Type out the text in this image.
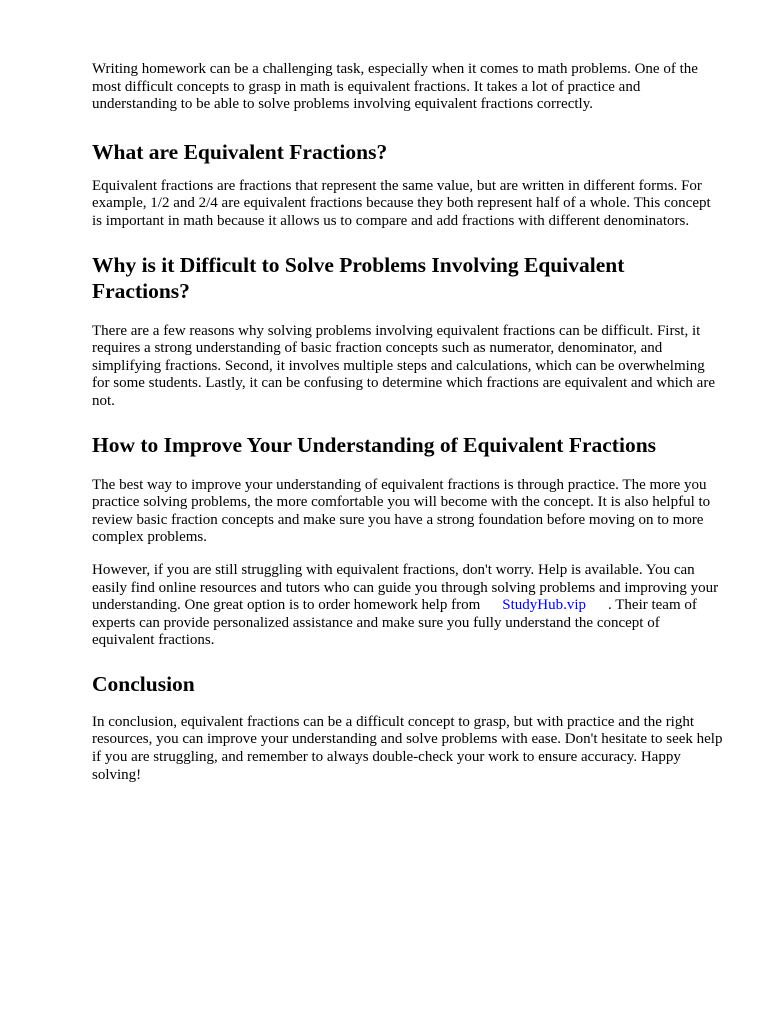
Writing homework can be a challenging task, especially when it comes to math problems. One of the most difficult concepts to grasp in math is equivalent fractions. It takes a lot of practice and understanding to be able to solve problems involving equivalent fractions correctly.

What are Equivalent Fractions?

Equivalent fractions are fractions that represent the same value, but are written in different forms. For example, 1/2 and 2/4 are equivalent fractions because they both represent half of a whole. This concept is important in math because it allows us to compare and add fractions with different denominators.

Why is it Difficult to Solve Problems Involving Equivalent Fractions?

There are a few reasons why solving problems involving equivalent fractions can be difficult. First, it requires a strong understanding of basic fraction concepts such as numerator, denominator, and simplifying fractions. Second, it involves multiple steps and calculations, which can be overwhelming for some students. Lastly, it can be confusing to determine which fractions are equivalent and which are not.

How to Improve Your Understanding of Equivalent Fractions

The best way to improve your understanding of equivalent fractions is through practice. The more you practice solving problems, the more comfortable you will become with the concept. It is also helpful to review basic fraction concepts and make sure you have a strong foundation before moving on to more complex problems.

However, if you are still struggling with equivalent fractions, don't worry. Help is available. You can easily find online resources and tutors who can guide you through solving problems and improving your understanding. One great option is to order homework help from StudyHub.vip . Their team of experts can provide personalized assistance and make sure you fully understand the concept of equivalent fractions.

Conclusion

In conclusion, equivalent fractions can be a difficult concept to grasp, but with practice and the right resources, you can improve your understanding and solve problems with ease. Don't hesitate to seek help if you are struggling, and remember to always double-check your work to ensure accuracy. Happy solving!
